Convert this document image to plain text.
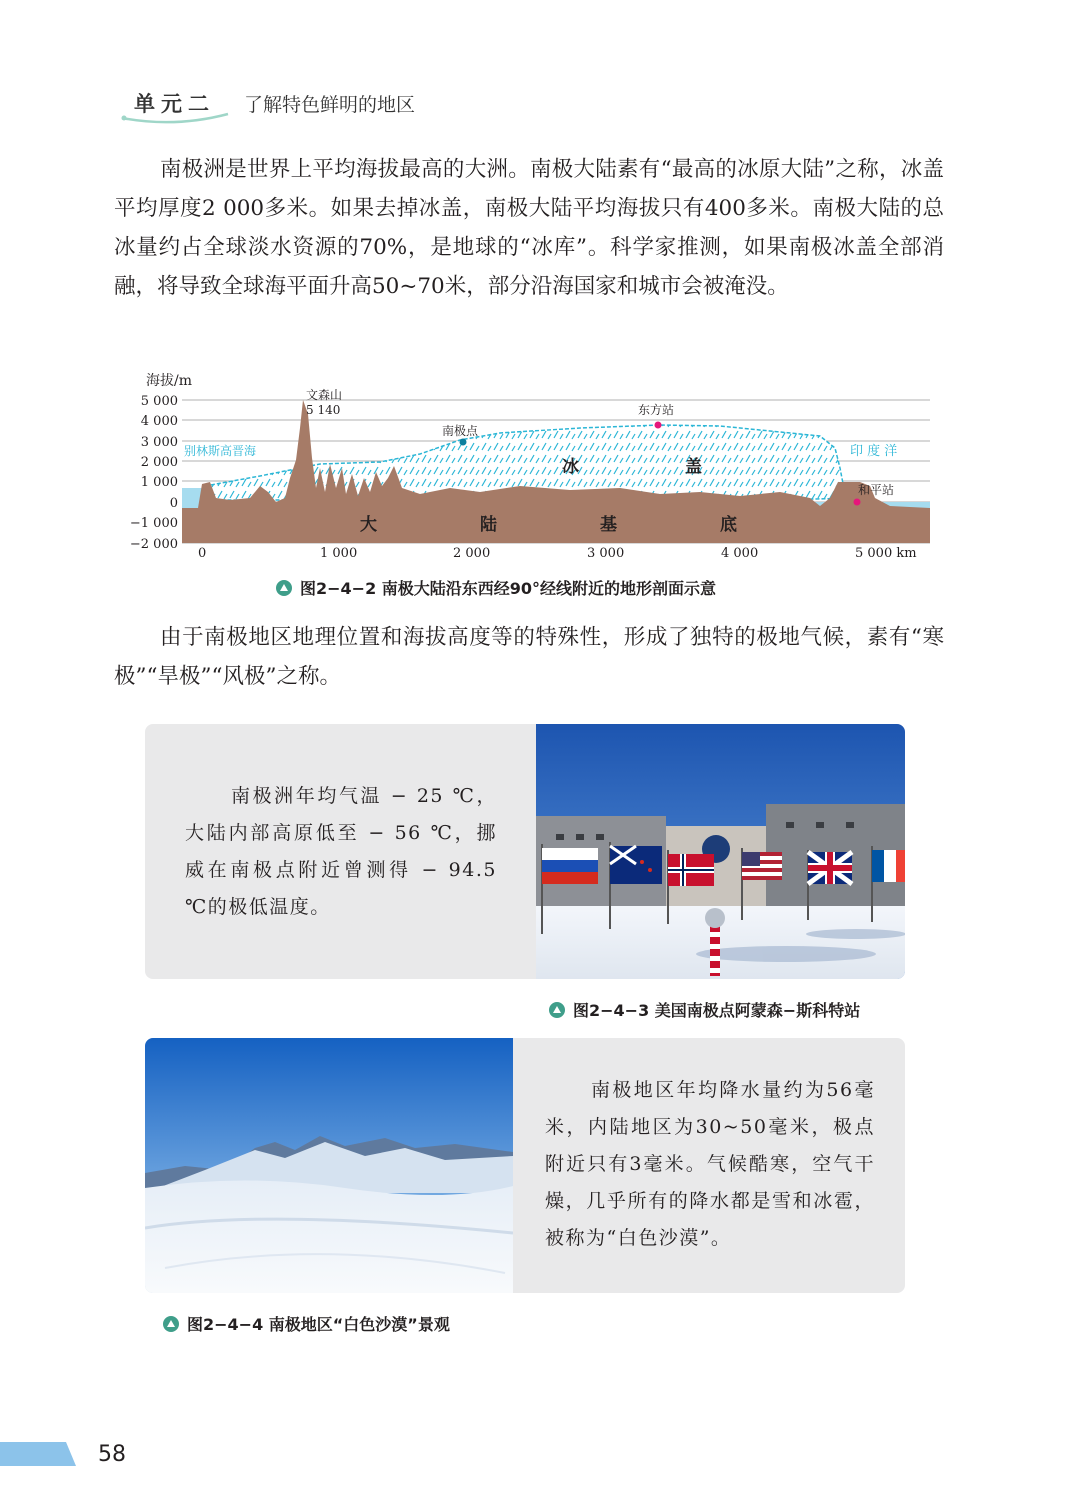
单元二 了解特色鲜明的地区
南极洲是世界上平均海拔最高的大洲。南极大陆素有“最高的冰原大陆”之称，冰盖平均厚度2 000多米。如果去掉冰盖，南极大陆平均海拔只有400多米。南极大陆的总冰量约占全球淡水资源的70%，是地球的“冰库”。科学家推测，如果南极冰盖全部消融，将导致全球海平面升高50~70米，部分沿海国家和城市会被淹没。
海拔/m
5 000
4 000
3 000
2 000
1 000
0
−1 000
−2 000
文森山
5 140
南极点
东方站
和平站
别林斯高晋海	印 度 洋
冰	盖
大	陆	基	底
0	1 000	2 000	3 000	4 000	5 000 km
图2−4−2 南极大陆沿东西经90°经线附近的地形剖面示意
由于南极地区地理位置和海拔高度等的特殊性，形成了独特的极地气候，素有“寒极”“旱极”“风极”之称。
南极洲年均气温 − 25 ℃，大陆内部高原低至 − 56 ℃，挪威在南极点附近曾测得 − 94.5 ℃的极低温度。
图2−4−3 美国南极点阿蒙森−斯科特站
南极地区年均降水量约为56毫米，内陆地区为30~50毫米，极点附近只有3毫米。气候酷寒，空气干燥，几乎所有的降水都是雪和冰雹，被称为“白色沙漠”。
图2−4−4 南极地区“白色沙漠”景观
58
